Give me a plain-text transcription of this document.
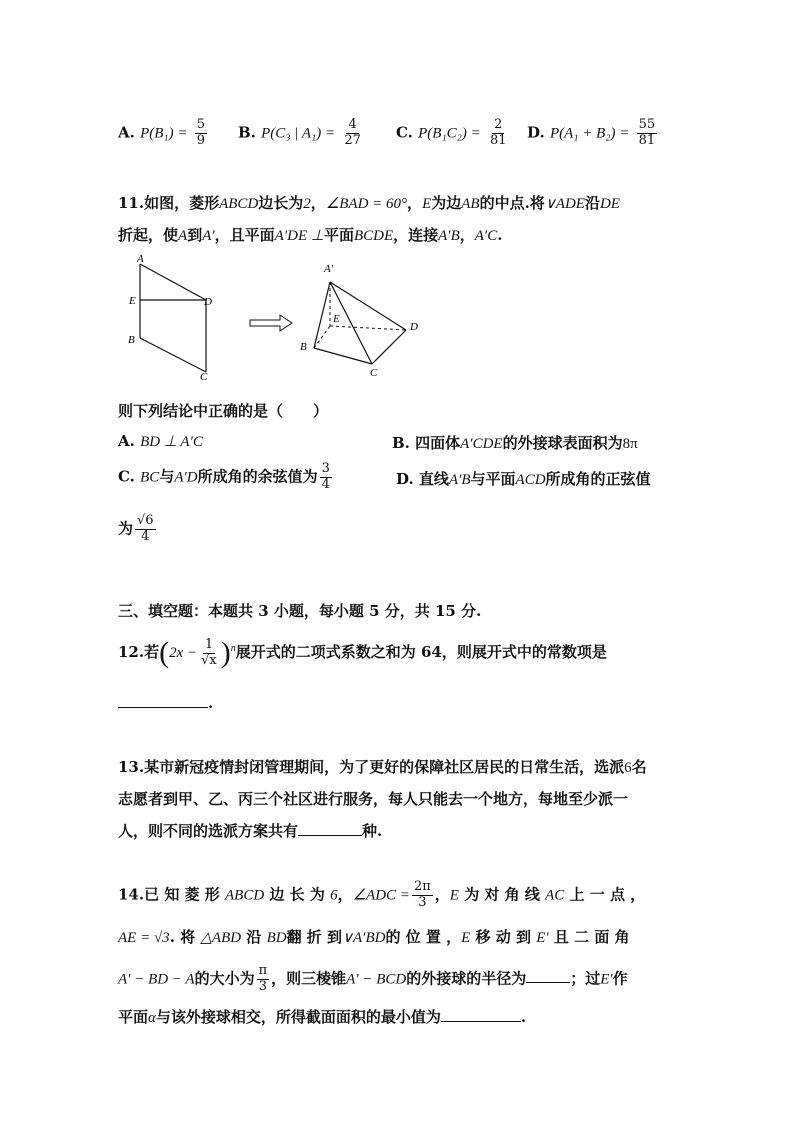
A. $P(B_1) = \frac{5}{9} B$. P(C₃ | $A_1) = \frac{4}{27} C$. $P(B_1C_2) = \frac{2}{81} D$. $P(A_1 + B_2) = \frac{55}{81}$
11.如图，菱形ABCD边长为2，∠BAD = 60°，E为边AB的中点.将∨ADE沿DE
折起，使A到A′，且平面A′DE ⊥平面BCDE，连接A′B，A′C.
A
E	D
B
C
A′
E
D
B
C
则下列结论中正确的是（　　）
A. BD ⊥ A′C	B. 四面体A′CDE的外接球表面积为8π
C. BC与A′D所成角的余弦值为 $\frac{3}{4}$	D. 直线A′B与平面ACD所成角的正弦值
为 $\frac{√6}{4}$
三、填空题：本题共 3 小题，每小题 5 分，共 15 分.
12.若$(2x - \frac{1}{√x} )^n$展开式的二项式系数之和为 64，则展开式中的常数项是
.
13.某市新冠疫情封闭管理期间，为了更好的保障社区居民的日常生活，选派6名
志愿者到甲、乙、丙三个社区进行服务，每人只能去一个地方，每地至少派一
人，则不同的选派方案共有	种.
14.已 知 菱 形 ABCD 边 长 为 6，∠ADC = $\frac{2\pi}{3}$ ，E 为 对 角 线 AC 上 一 点 ，
AE = √3. 将 △ABD 沿 BD翻 折 到∨A′BD的 位 置 ，E 移 动 到 E′ 且 二 面 角
A′ − BD − A的大小为 $\frac{\pi}{3}$ ，则三棱锥A′ − BCD的外接球的半径为	；过E′作
平面α与该外接球相交，所得截面面积的最小值为	.
